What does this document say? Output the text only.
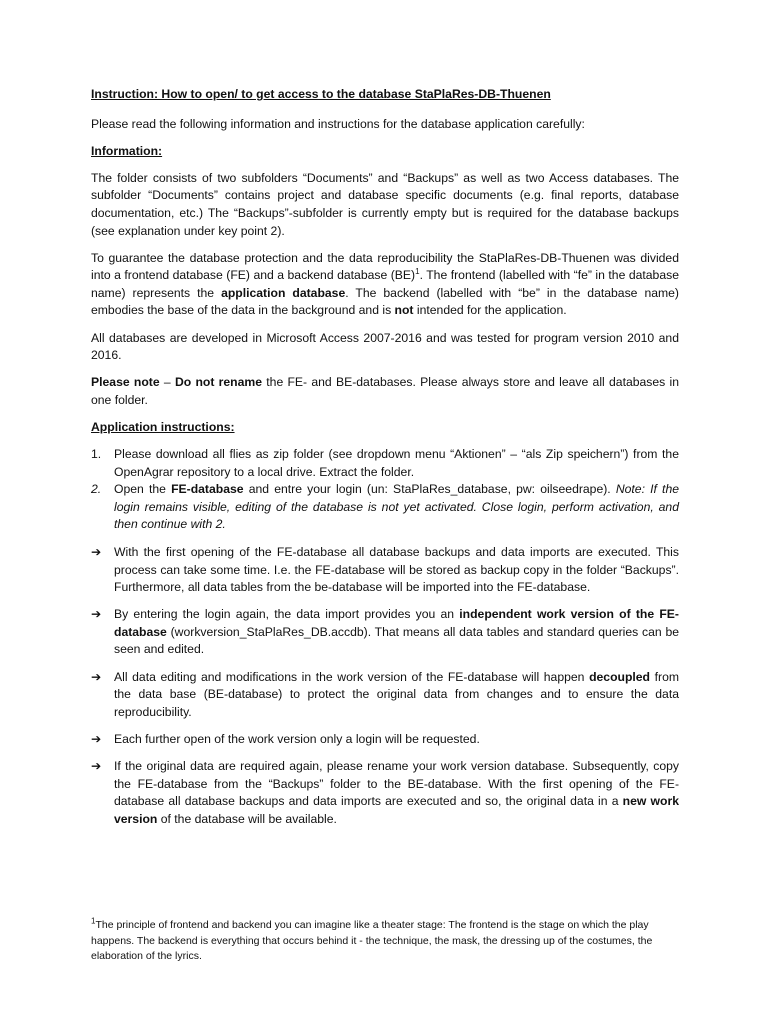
Instruction: How to open/ to get access to the database StaPlaRes-DB-Thuenen

Please read the following information and instructions for the database application carefully:

Information:

The folder consists of two subfolders “Documents” and “Backups” as well as two Access databases. The subfolder “Documents” contains project and database specific documents (e.g. final reports, database documentation, etc.) The “Backups”-subfolder is currently empty but is required for the database backups (see explanation under key point 2).

To guarantee the database protection and the data reproducibility the StaPlaRes-DB-Thuenen was divided into a frontend database (FE) and a backend database (BE)$^1$. The frontend (labelled with “fe” in the database name) represents the application database. The backend (labelled with “be” in the database name) embodies the base of the data in the background and is not intended for the application.

All databases are developed in Microsoft Access 2007-2016 and was tested for program version 2010 and 2016.

Please note – Do not rename the FE- and BE-databases. Please always store and leave all databases in one folder.

Application instructions:

1. Please download all flies as zip folder (see dropdown menu “Aktionen” – “als Zip speichern”) from the OpenAgrar repository to a local drive. Extract the folder.
2. Open the FE-database and entre your login (un: StaPlaRes_database, pw: oilseedrape). Note: If the login remains visible, editing of the database is not yet activated. Close login, perform activation, and then continue with 2.
➔ With the first opening of the FE-database all database backups and data imports are executed. This process can take some time. I.e. the FE-database will be stored as backup copy in the folder “Backups”. Furthermore, all data tables from the be-database will be imported into the FE-database.
➔ By entering the login again, the data import provides you an independent work version of the FE-database (workversion_StaPlaRes_DB.accdb). That means all data tables and standard queries can be seen and edited.
➔ All data editing and modifications in the work version of the FE-database will happen decoupled from the data base (BE-database) to protect the original data from changes and to ensure the data reproducibility.
➔ Each further open of the work version only a login will be requested.
➔ If the original data are required again, please rename your work version database. Subsequently, copy the FE-database from the “Backups” folder to the BE-database. With the first opening of the FE-database all database backups and data imports are executed and so, the original data in a new work version of the database will be available.
$^1$The principle of frontend and backend you can imagine like a theater stage: The frontend is the stage on which the play happens. The backend is everything that occurs behind it - the technique, the mask, the dressing up of the costumes, the elaboration of the lyrics.
